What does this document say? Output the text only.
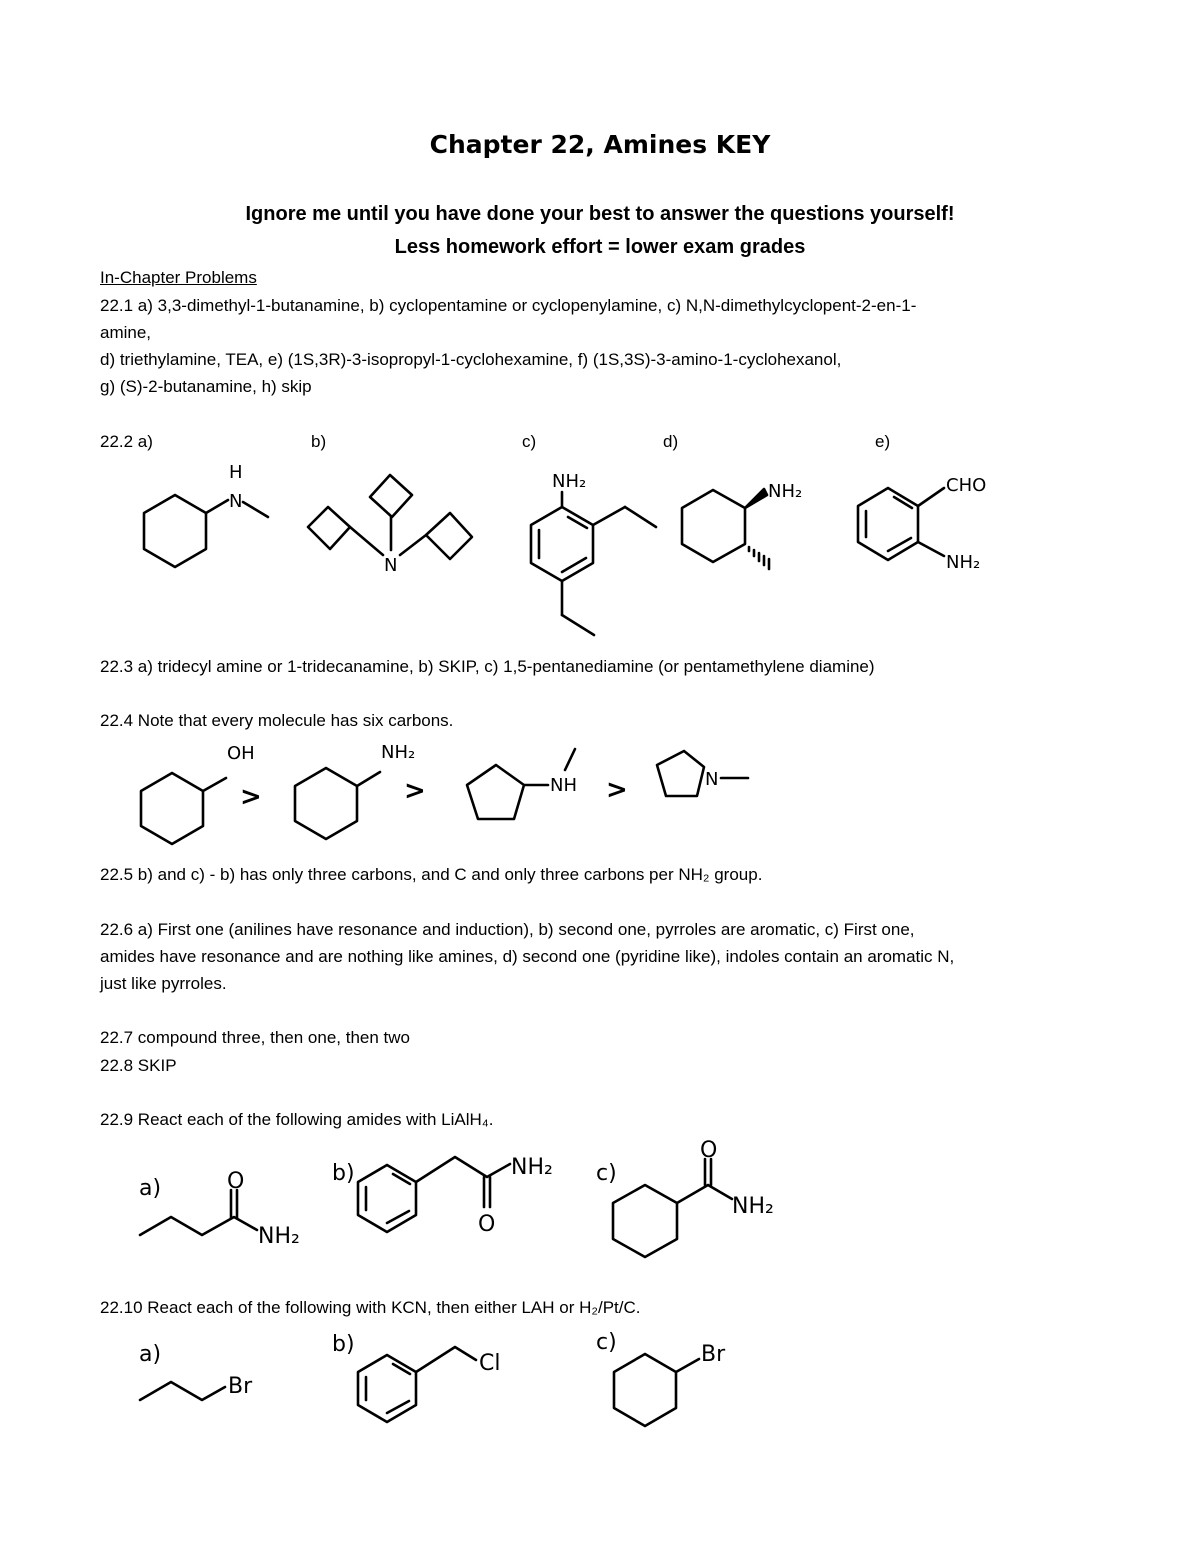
Chapter 22, Amines KEY
Ignore me until you have done your best to answer the questions yourself!
Less homework effort = lower exam grades
In-Chapter Problems
22.1 a) 3,3-dimethyl-1-butanamine, b) cyclopentamine or cyclopenylamine, c) N,N-dimethylcyclopent-2-en-1-
amine,
d) triethylamine, TEA, e) (1S,3R)-3-isopropyl-1-cyclohexamine, f) (1S,3S)-3-amino-1-cyclohexanol,
g) (S)-2-butanamine, h) skip
22.2 a)	b)	c)	d)	e)
H
N
N
NH₂	NH₂	CHO
NH₂
22.3 a) tridecyl amine or 1-tridecanamine, b) SKIP, c) 1,5-pentanediamine (or pentamethylene diamine)
22.4 Note that every molecule has six carbons.
OH
>
NH₂
>	NH >	N
22.5 b) and c) - b) has only three carbons, and C and only three carbons per NH₂ group.
22.6 a) First one (anilines have resonance and induction), b) second one, pyrroles are aromatic, c) First one,
amides have resonance and are nothing like amines, d) second one (pyridine like), indoles contain an aromatic N,
just like pyrroles.
22.7 compound three, then one, then two
22.8 SKIP
22.9 React each of the following amides with LiAlH₄.
a)	O
NH₂
b)
O
NH₂ c)
O
NH₂
22.10 React each of the following with KCN, then either LAH or H₂/Pt/C.
a)
Br
b)
Cl
c)	Br
